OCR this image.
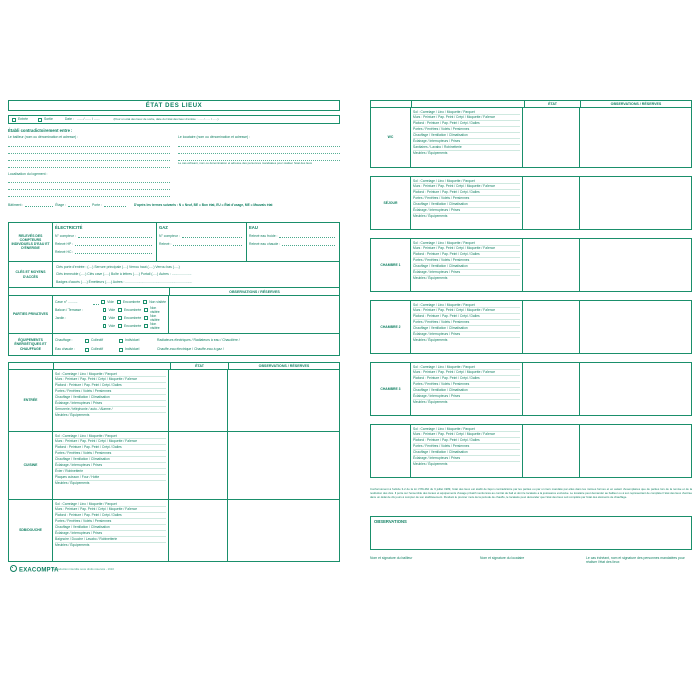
ÉTAT DES LIEUX
Entrée	Sortie	Date : ...... / ...... / ......	(Pour un état des lieux de sortie, date du l'état des lieux d'entrée : ...... / ...... / ......)
Établi contradictoirement entre :
Le bailleur (nom ou dénomination et adresse) :	Le locataire (nom ou dénomination et adresse) :
Le cas échéant, nom ou dénomination et adresse des personnes mandatées pour réaliser l'état des lieux
Localisation du logement :
Bâtiment :	Étage :	Porte :	D'après les termes suivants : N = Neuf, BE = Bon état, EU = État d'usage, ME = Mauvais état
RELEVÉS DES COMPTEURS INDIVIDUELS D'EAU ET D'ÉNERGIE
ÉLECTRICITÉ
N° compteur :
Relevé HP :
Relevé HC :
GAZ
N° compteur :
Relevé :
EAU
Relevé eau froide :
Relevé eau chaude :
CLÉS ET MOYENS D'ACCÈS
Clés porte d'entrée : (....) Serrure principale (....) Verrou haut (.....) Verrou bas (.....)
Clés immeuble (.....) Clés cave (.....) Boîte à lettres (.....) Portail (.....) Autres : .....................
Badges d'accès (.....) Émetteurs (.....) Autres : .......................................................................
OBSERVATIONS / RÉSERVES
PARTIES PRIVATIVES
Cave n° ..........	Vide	Encombrée	Non visitée
Balcon / Terrasse :	Vide	Encombrée
Non visitée
Jardin :	Vide	Encombrée
Non visitée
Vide	Encombrée
Non visitée
ÉQUIPEMENTS ÉNERGÉTIQUES ET CHAUFFAGE
Chauffage :	Collectif	Individuel	Radiateurs électriques / Radiateurs à eau / Chaudière /
Eau chaude :	Collectif	Individuel	Chauffe-eau électrique / Chauffe-eau à gaz /
ÉTAT	OBSERVATIONS / RÉSERVES
ENTRÉE
Sol : Carrelage / Lino / Moquette / Parquet
Murs : Peinture / Pap. Peint / Crépi / Moquette / Faïence
Plafond : Peinture / Pap. Peint / Crépi / Dalles
Portes / Fenêtres / Volets / Persiennes
Chauffage / Ventilation / Climatisation
Éclairage / Interrupteurs / Prises
Serrurerie / téléphonie / auto. / Alarme /
Meubles / Équipements
CUISINE
Sol : Carrelage / Lino / Moquette / Parquet
Murs : Peinture / Pap. Peint / Crépi / Moquette / Faïence
Plafond : Peinture / Pap. Peint / Crépi / Dalles
Portes / Fenêtres / Volets / Persiennes
Chauffage / Ventilation / Climatisation
Éclairage / Interrupteurs / Prises
Évier / Robinetterie
Plaques cuisson / Four / Hotte
Meubles / Équipements
SDB/DOUCHE
Sol : Carrelage / Lino / Moquette / Parquet
Murs : Peinture / Pap. Peint / Crépi / Moquette / Faïence
Plafond : Peinture / Pap. Peint / Crépi / Dalles
Portes / Fenêtres / Volets / Persiennes
Chauffage / Ventilation / Climatisation
Éclairage / Interrupteurs / Prises
Baignoire / Douche / Lavabo / Robinetterie
Meubles / Équipements
EXACOMPTA
Reproduction interdite sous droits réservés - 1610
ÉTAT	OBSERVATIONS / RÉSERVES
WC
Sol : Carrelage / Lino / Moquette / Parquet
Murs : Peinture / Pap. Peint / Crépi / Moquette / Faïence
Plafond : Peinture / Pap. Peint / Crépi / Dalles
Portes / Fenêtres / Volets / Persiennes
Chauffage / Ventilation / Climatisation
Éclairage / Interrupteurs / Prises
Sanitaires / Lavabo / Robinetterie
Meubles / Équipements
SÉJOUR
Sol : Carrelage / Lino / Moquette / Parquet
Murs : Peinture / Pap. Peint / Crépi / Moquette / Faïence
Plafond : Peinture / Pap. Peint / Crépi / Dalles
Portes / Fenêtres / Volets / Persiennes
Chauffage / Ventilation / Climatisation
Éclairage / Interrupteurs / Prises
Meubles / Équipements
CHAMBRE 1
Sol : Carrelage / Lino / Moquette / Parquet
Murs : Peinture / Pap. Peint / Crépi / Moquette / Faïence
Plafond : Peinture / Pap. Peint / Crépi / Dalles
Portes / Fenêtres / Volets / Persiennes
Chauffage / Ventilation / Climatisation
Éclairage / Interrupteurs / Prises
Meubles / Équipements
CHAMBRE 2
Sol : Carrelage / Lino / Moquette / Parquet
Murs : Peinture / Pap. Peint / Crépi / Moquette / Faïence
Plafond : Peinture / Pap. Peint / Crépi / Dalles
Portes / Fenêtres / Volets / Persiennes
Chauffage / Ventilation / Climatisation
Éclairage / Interrupteurs / Prises
Meubles / Équipements
CHAMBRE 3
Sol : Carrelage / Lino / Moquette / Parquet
Murs : Peinture / Pap. Peint / Crépi / Moquette / Faïence
Plafond : Peinture / Pap. Peint / Crépi / Dalles
Portes / Fenêtres / Volets / Persiennes
Chauffage / Ventilation / Climatisation
Éclairage / Interrupteurs / Prises
Meubles / Équipements
Sol : Carrelage / Lino / Moquette / Parquet
Murs : Peinture / Pap. Peint / Crépi / Moquette / Faïence
Plafond : Peinture / Pap. Peint / Crépi / Dalles
Portes / Fenêtres / Volets / Persiennes
Chauffage / Ventilation / Climatisation
Éclairage / Interrupteurs / Prises
Meubles / Équipements
Conformément à l'article 3-2 de la loi n°89-462 du 6 juillet 1989, l'état des lieux est établi de façon contradictoire par les parties ou par un tiers mandaté par elles dans les mêmes formes et en autant d'exemplaires que de parties lors de la remise et de la restitution des clés. Il porte sur l'ensemble des locaux et équipements d'usage privatif mentionnés au contrat de bail et dont le locataire a la jouissance exclusive. Le locataire peut demander au bailleur ou à son représentant de compléter l'état des lieux d'entrée dans un délai de dix jours à compter de son établissement. Pendant le premier mois de la période de chauffe, le locataire peut demander que l'état des lieux soit complété par l'état des éléments de chauffage.
OBSERVATIONS
Nom et signature du bailleur	Nom et signature du locataire	Le cas échéant, nom et signature des personnes mandatées pour réaliser l'état des lieux
